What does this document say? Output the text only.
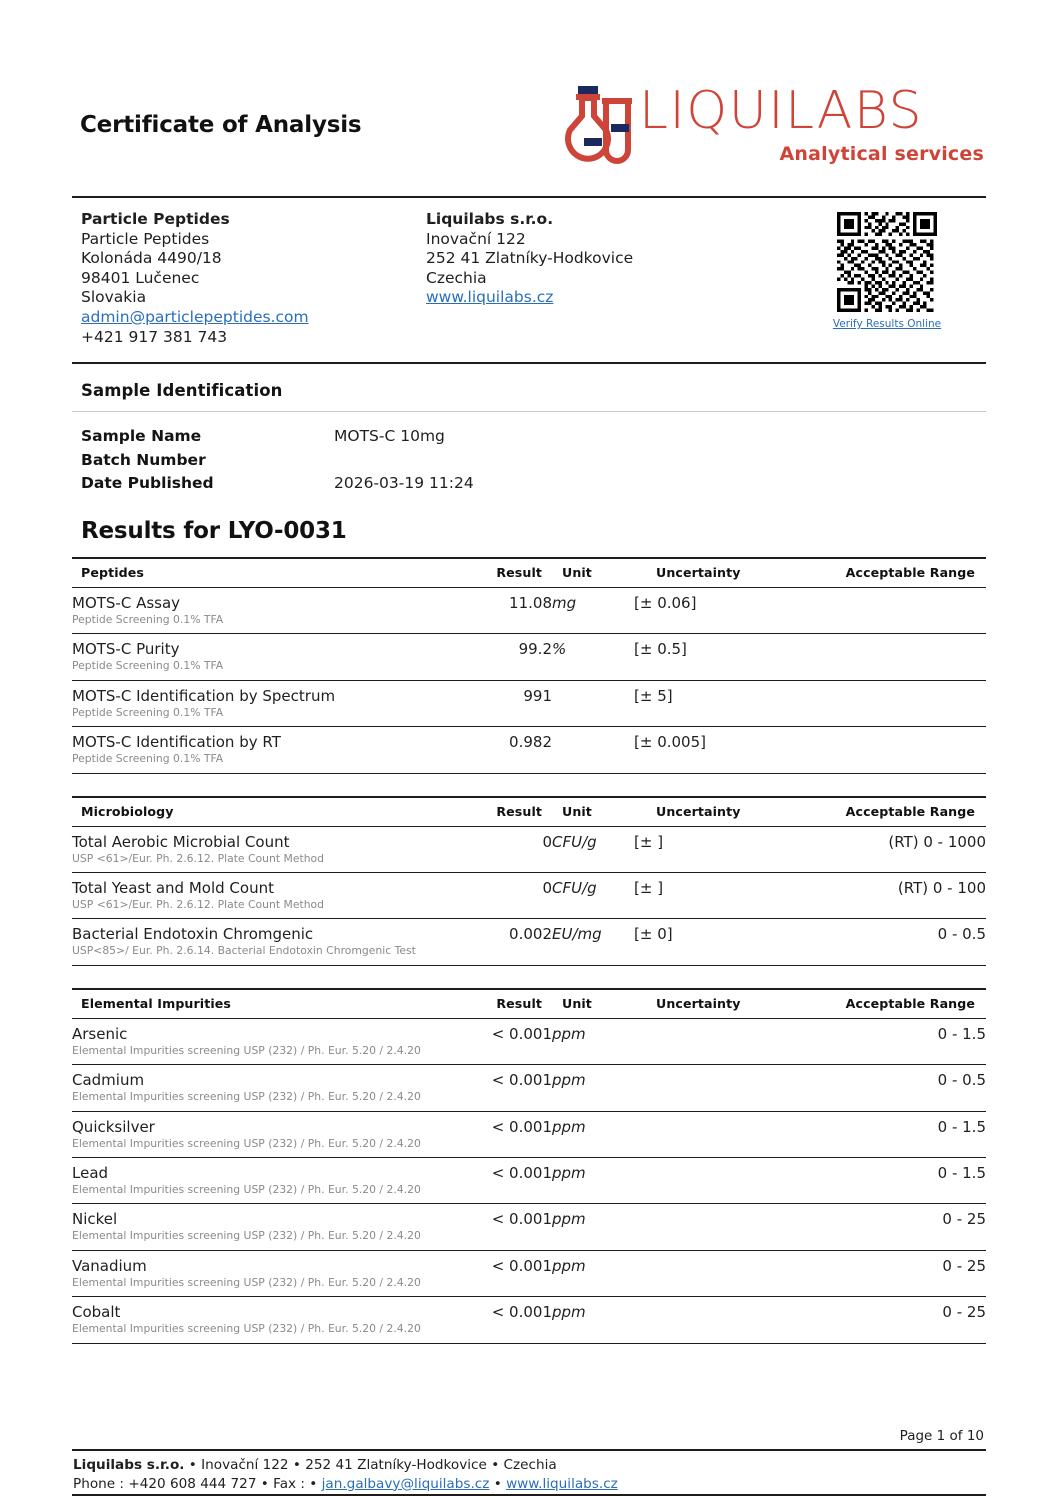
Certificate of Analysis	LIQUILABS
Analytical services
Particle Peptides
Particle Peptides
Kolonáda 4490/18
98401 Lučenec
Slovakia
admin@particlepeptides.com
+421 917 381 743
Liquilabs s.r.o.
Inovační 122
252 41 Zlatníky-Hodkovice
Czechia
www.liquilabs.cz
Verify Results Online
Sample Identification
Sample Name	MOTS-C 10mg
Batch Number
Date Published	2026-03-19 11:24
Results for LYO-0031
Peptides	Result	Unit	Uncertainty	Acceptable Range

MOTS-C Assay
Peptide Screening 0.1% TFA	11.08	mg	[± 0.06]	

MOTS-C Purity
Peptide Screening 0.1% TFA	99.2	%	[± 0.5]	

MOTS-C Identification by Spectrum
Peptide Screening 0.1% TFA	991		[± 5]	

MOTS-C Identification by RT
Peptide Screening 0.1% TFA	0.982		[± 0.005]	
Microbiology	Result	Unit	Uncertainty	Acceptable Range

Total Aerobic Microbial Count
USP <61>/Eur. Ph. 2.6.12. Plate Count Method	0	CFU/g	[± ]	(RT) 0 - 1000

Total Yeast and Mold Count
USP <61>/Eur. Ph. 2.6.12. Plate Count Method	0	CFU/g	[± ]	(RT) 0 - 100

Bacterial Endotoxin Chromgenic
USP<85>/ Eur. Ph. 2.6.14. Bacterial Endotoxin Chromgenic Test	0.002	EU/mg	[± 0]	0 - 0.5
Elemental Impurities	Result	Unit	Uncertainty	Acceptable Range

Arsenic
Elemental Impurities screening USP (232) / Ph. Eur. 5.20 / 2.4.20	< 0.001	ppm		0 - 1.5

Cadmium
Elemental Impurities screening USP (232) / Ph. Eur. 5.20 / 2.4.20	< 0.001	ppm		0 - 0.5

Quicksilver
Elemental Impurities screening USP (232) / Ph. Eur. 5.20 / 2.4.20	< 0.001	ppm		0 - 1.5

Lead
Elemental Impurities screening USP (232) / Ph. Eur. 5.20 / 2.4.20	< 0.001	ppm		0 - 1.5

Nickel
Elemental Impurities screening USP (232) / Ph. Eur. 5.20 / 2.4.20	< 0.001	ppm		0 - 25

Vanadium
Elemental Impurities screening USP (232) / Ph. Eur. 5.20 / 2.4.20	< 0.001	ppm		0 - 25

Cobalt
Elemental Impurities screening USP (232) / Ph. Eur. 5.20 / 2.4.20	< 0.001	ppm		0 - 25
Page 1 of 10
Liquilabs s.r.o. • Inovační 122 • 252 41 Zlatníky-Hodkovice • Czechia
Phone : +420 608 444 727 • Fax : • jan.galbavy@liquilabs.cz • www.liquilabs.cz
